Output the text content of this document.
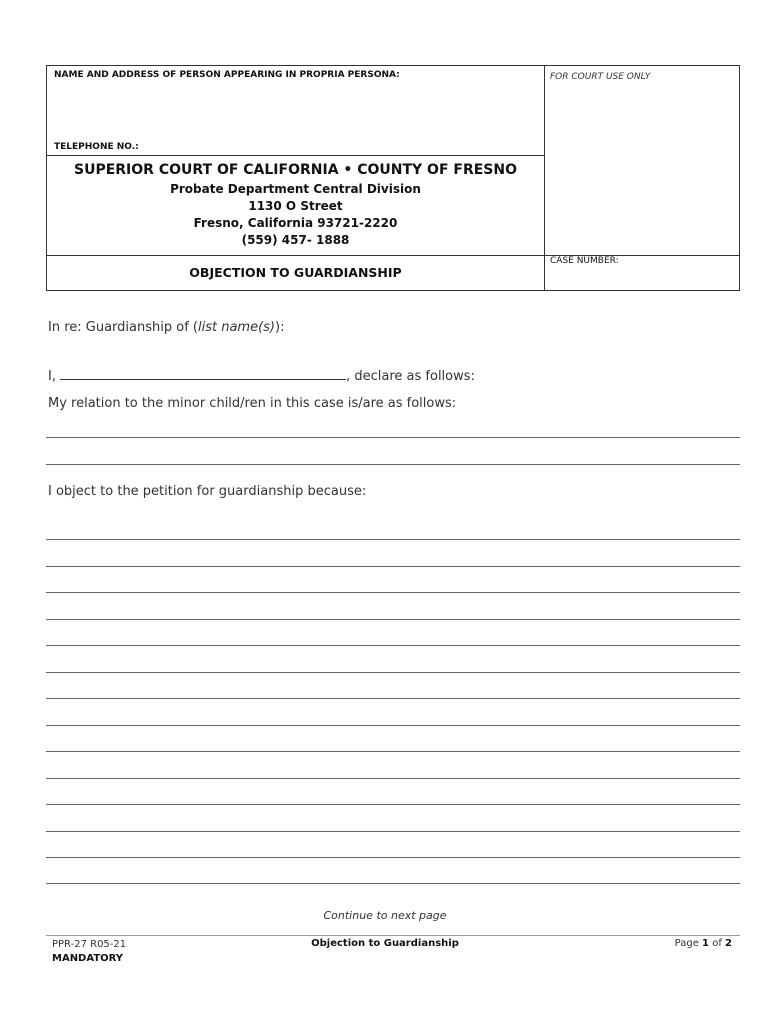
NAME AND ADDRESS OF PERSON APPEARING IN PROPRIA PERSONA:
TELEPHONE NO.:
FOR COURT USE ONLY
SUPERIOR COURT OF CALIFORNIA • COUNTY OF FRESNO
Probate Department Central Division
1130 O Street
Fresno, California 93721-2220
(559) 457- 1888
OBJECTION TO GUARDIANSHIP
CASE NUMBER:
In re: Guardianship of (list name(s)):
I,	, declare as follows:
My relation to the minor child/ren in this case is/are as follows:
I object to the petition for guardianship because:
Continue to next page
PPR-27 R05-21
MANDATORY
Objection to Guardianship	Page 1 of 2
